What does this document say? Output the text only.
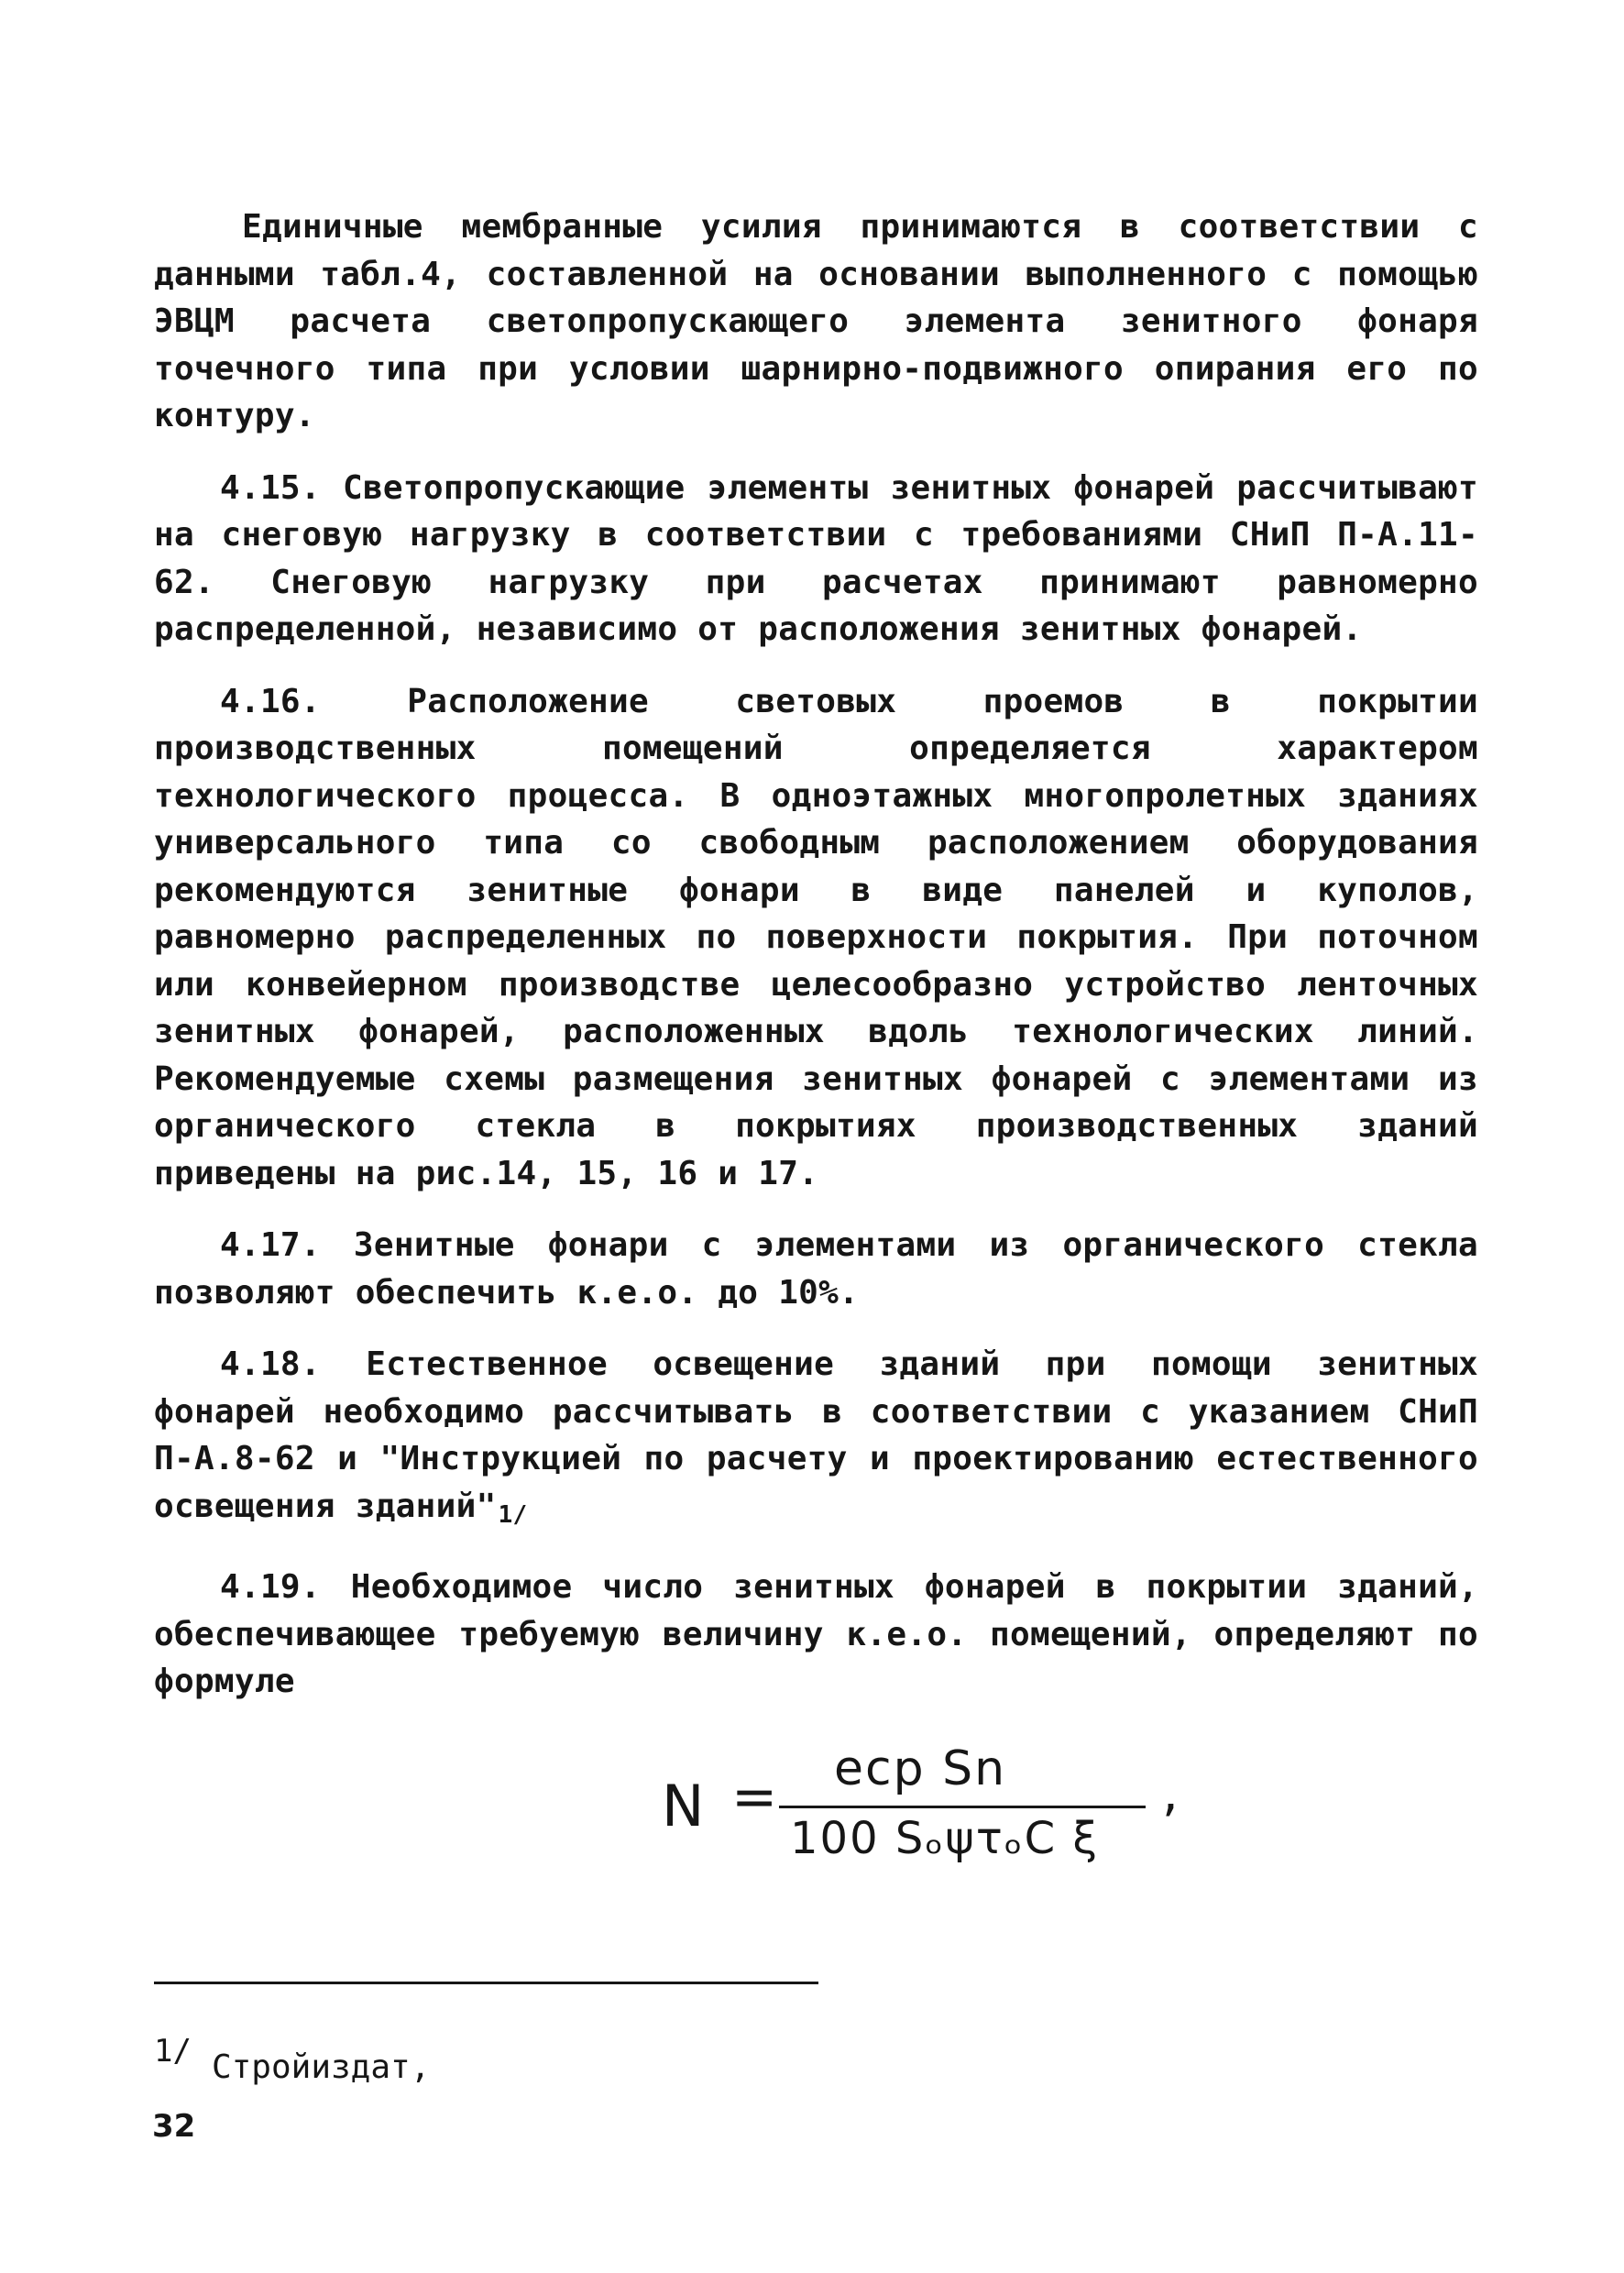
Единичные мембранные усилия принимаются в соответствии с данными табл.4, составленной на основании выполненного с помощью ЭВЦМ расчета светопропускающего элемента зенитного фонаря точечного типа при условии шарнирно-подвижного опирания его по контуру.

4.15. Светопропускающие элементы зенитных фонарей рассчитывают на снеговую нагрузку в соответствии с требованиями СНиП П-А.11-62. Снеговую нагрузку при расчетах принимают равномерно распределенной, независимо от расположения зенитных фонарей.

4.16. Расположение световых проемов в покрытии производственных помещений определяется характером технологического процесса. В одноэтажных многопролетных зданиях универсального типа со свободным расположением оборудования рекомендуются зенитные фонари в виде панелей и куполов, равномерно распределенных по поверхности покрытия. При поточном или конвейерном производстве целесообразно устройство ленточных зенитных фонарей, расположенных вдоль технологических линий. Рекомендуемые схемы размещения зенитных фонарей с элементами из органического стекла в покрытиях производственных зданий приведены на рис.14, 15, 16 и 17.

4.17. Зенитные фонари с элементами из органического стекла позволяют обеспечить к.е.о. до 10%.

4.18. Естественное освещение зданий при помощи зенитных фонарей необходимо рассчитывать в соответствии с указанием СНиП П-А.8-62 и "Инструкцией по расчету и проектированию естественного освещения зданий"1/

4.19. Необходимое число зенитных фонарей в покрытии зданий, обеспечивающее требуемую величину к.е.о. помещений, определяют по формуле

N = eср Sn
100 SₒψτₒC ξ
,
1/ Стройиздат,
32
